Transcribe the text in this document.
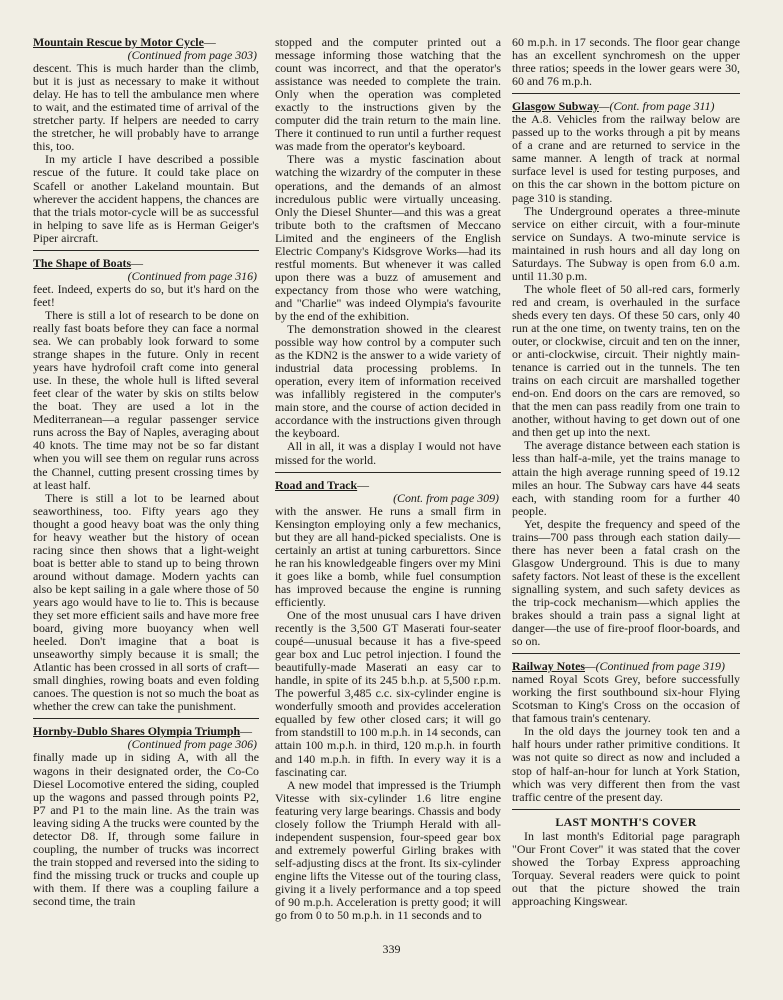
Mountain Rescue by Motor Cycle—
(Continued from page 303)

descent. This is much harder than the climb, but it is just as necessary to make it without delay. He has to tell the ambulance men where to wait, and the estimated time of arrival of the stretcher party. If helpers are needed to carry the stretcher, he will probably have to arrange this, too.

In my article I have described a possible rescue of the future. It could take place on Scafell or another Lakeland mountain. But wherever the accident happens, the chances are that the trials motor-cycle will be as successful in helping to save life as is Herman Geiger's Piper aircraft.

The Shape of Boats—
(Continued from page 316)

feet. Indeed, experts do so, but it's hard on the feet!

There is still a lot of research to be done on really fast boats before they can face a normal sea. We can probably look forward to some strange shapes in the future. Only in recent years have hydrofoil craft come into general use. In these, the whole hull is lifted several feet clear of the water by skis on stilts below the boat. They are used a lot in the Mediterranean—a regular passenger service runs across the Bay of Naples, averaging about 40 knots. The time may not be so far distant when you will see them on regular runs across the Channel, cutting present crossing times by at least half.

There is still a lot to be learned about seaworthiness, too. Fifty years ago they thought a good heavy boat was the only thing for heavy weather but the history of ocean racing since then shows that a light-weight boat is better able to stand up to being thrown around without damage. Modern yachts can also be kept sailing in a gale where those of 50 years ago would have to lie to. This is because they set more efficient sails and have more free board, giving more buoyancy when well heeled. Don't imagine that a boat is unseaworthy simply because it is small; the Atlantic has been crossed in all sorts of craft—small dinghies, rowing boats and even folding canoes. The question is not so much the boat as whether the crew can take the punishment.

Hornby-Dublo Shares Olympia Triumph—
(Continued from page 306)

finally made up in siding A, with all the wagons in their designated order, the Co-Co Diesel Locomotive entered the siding, coupled up the wagons and passed through points P2, P7 and P1 to the main line. As the train was leaving siding A the trucks were counted by the detector D8. If, through some failure in coupling, the number of trucks was incorrect the train stopped and reversed into the siding to find the missing truck or trucks and couple up with them. If there was a coupling failure a second time, the train

stopped and the computer printed out a message informing those watching that the count was incorrect, and that the operator's assistance was needed to complete the train. Only when the operation was completed exactly to the instructions given by the computer did the train return to the main line. There it continued to run until a further request was made from the operator's keyboard.

There was a mystic fascination about watching the wizardry of the computer in these operations, and the demands of an almost incredulous public were virtually unceasing. Only the Diesel Shunter—and this was a great tribute both to the craftsmen of Meccano Limited and the engineers of the English Electric Company's Kidsgrove Works—had its restful moments. But whenever it was called upon there was a buzz of amusement and expectancy from those who were watching, and "Charlie" was indeed Olympia's favourite by the end of the exhibition.

The demonstration showed in the clearest possible way how control by a computer such as the KDN2 is the answer to a wide variety of industrial data processing problems. In operation, every item of information received was infallibly registered in the computer's main store, and the course of action decided in accordance with the instructions given through the keyboard.

All in all, it was a display I would not have missed for the world.

Road and Track—
(Cont. from page 309)

with the answer. He runs a small firm in Kensington employing only a few mechanics, but they are all hand-picked specialists. One is certainly an artist at tuning carburettors. Since he ran his knowledgeable fingers over my Mini it goes like a bomb, while fuel consumption has improved because the engine is running efficiently.

One of the most unusual cars I have driven recently is the 3,500 GT Maserati four-seater coupé—unusual because it has a five-speed gear box and Luc petrol injection. I found the beautifully-made Maserati an easy car to handle, in spite of its 245 b.h.p. at 5,500 r.p.m. The powerful 3,485 c.c. six-cylinder engine is wonderfully smooth and provides acceleration equalled by few other closed cars; it will go from standstill to 100 m.p.h. in 14 seconds, can attain 100 m.p.h. in third, 120 m.p.h. in fourth and 140 m.p.h. in fifth. In every way it is a fascinating car.

A new model that impressed is the Triumph Vitesse with six-cylinder 1.6 litre engine featuring very large bearings. Chassis and body closely follow the Triumph Herald with all-independent suspension, four-speed gear box and extremely powerful Girling brakes with self-adjusting discs at the front. Its six-cylinder engine lifts the Vitesse out of the touring class, giving it a lively performance and a top speed of 90 m.p.h. Acceleration is pretty good; it will go from 0 to 50 m.p.h. in 11 seconds and to

60 m.p.h. in 17 seconds. The floor gear change has an excellent synchromesh on the upper three ratios; speeds in the lower gears were 30, 60 and 76 m.p.h.

Glasgow Subway—(Cont. from page 311)

the A.8. Vehicles from the railway below are passed up to the works through a pit by means of a crane and are returned to service in the same manner. A length of track at normal surface level is used for testing purposes, and on this the car shown in the bottom picture on page 310 is standing.

The Underground operates a three-minute service on either circuit, with a four-minute service on Sundays. A two-minute service is maintained in rush hours and all day long on Saturdays. The Subway is open from 6.0 a.m. until 11.30 p.m.

The whole fleet of 50 all-red cars, formerly red and cream, is overhauled in the surface sheds every ten days. Of these 50 cars, only 40 run at the one time, on twenty trains, ten on the outer, or clockwise, circuit and ten on the inner, or anti-clockwise, circuit. Their nightly maintenance is carried out in the tunnels. The ten trains on each circuit are marshalled together end-on. End doors on the cars are removed, so that the men can pass readily from one train to another, without having to get down out of one and then get up into the next.

The average distance between each station is less than half-a-mile, yet the trains manage to attain the high average running speed of 19.12 miles an hour. The Subway cars have 44 seats each, with standing room for a further 40 people.

Yet, despite the frequency and speed of the trains—700 pass through each station daily—there has never been a fatal crash on the Glasgow Underground. This is due to many safety factors. Not least of these is the excellent signalling system, and such safety devices as the trip-cock mechanism—which applies the brakes should a train pass a signal light at danger—the use of fire-proof floor-boards, and so on.

Railway Notes—(Continued from page 319)

named Royal Scots Grey, before successfully working the first southbound six-hour Flying Scotsman to King's Cross on the occasion of that famous train's centenary.

In the old days the journey took ten and a half hours under rather primitive conditions. It was not quite so direct as now and included a stop of half-an-hour for lunch at York Station, which was very different then from the vast traffic centre of the present day.

LAST MONTH'S COVER

In last month's Editorial page paragraph "Our Front Cover" it was stated that the cover showed the Torbay Express approaching Torquay. Several readers were quick to point out that the picture showed the train approaching Kingswear.

339
